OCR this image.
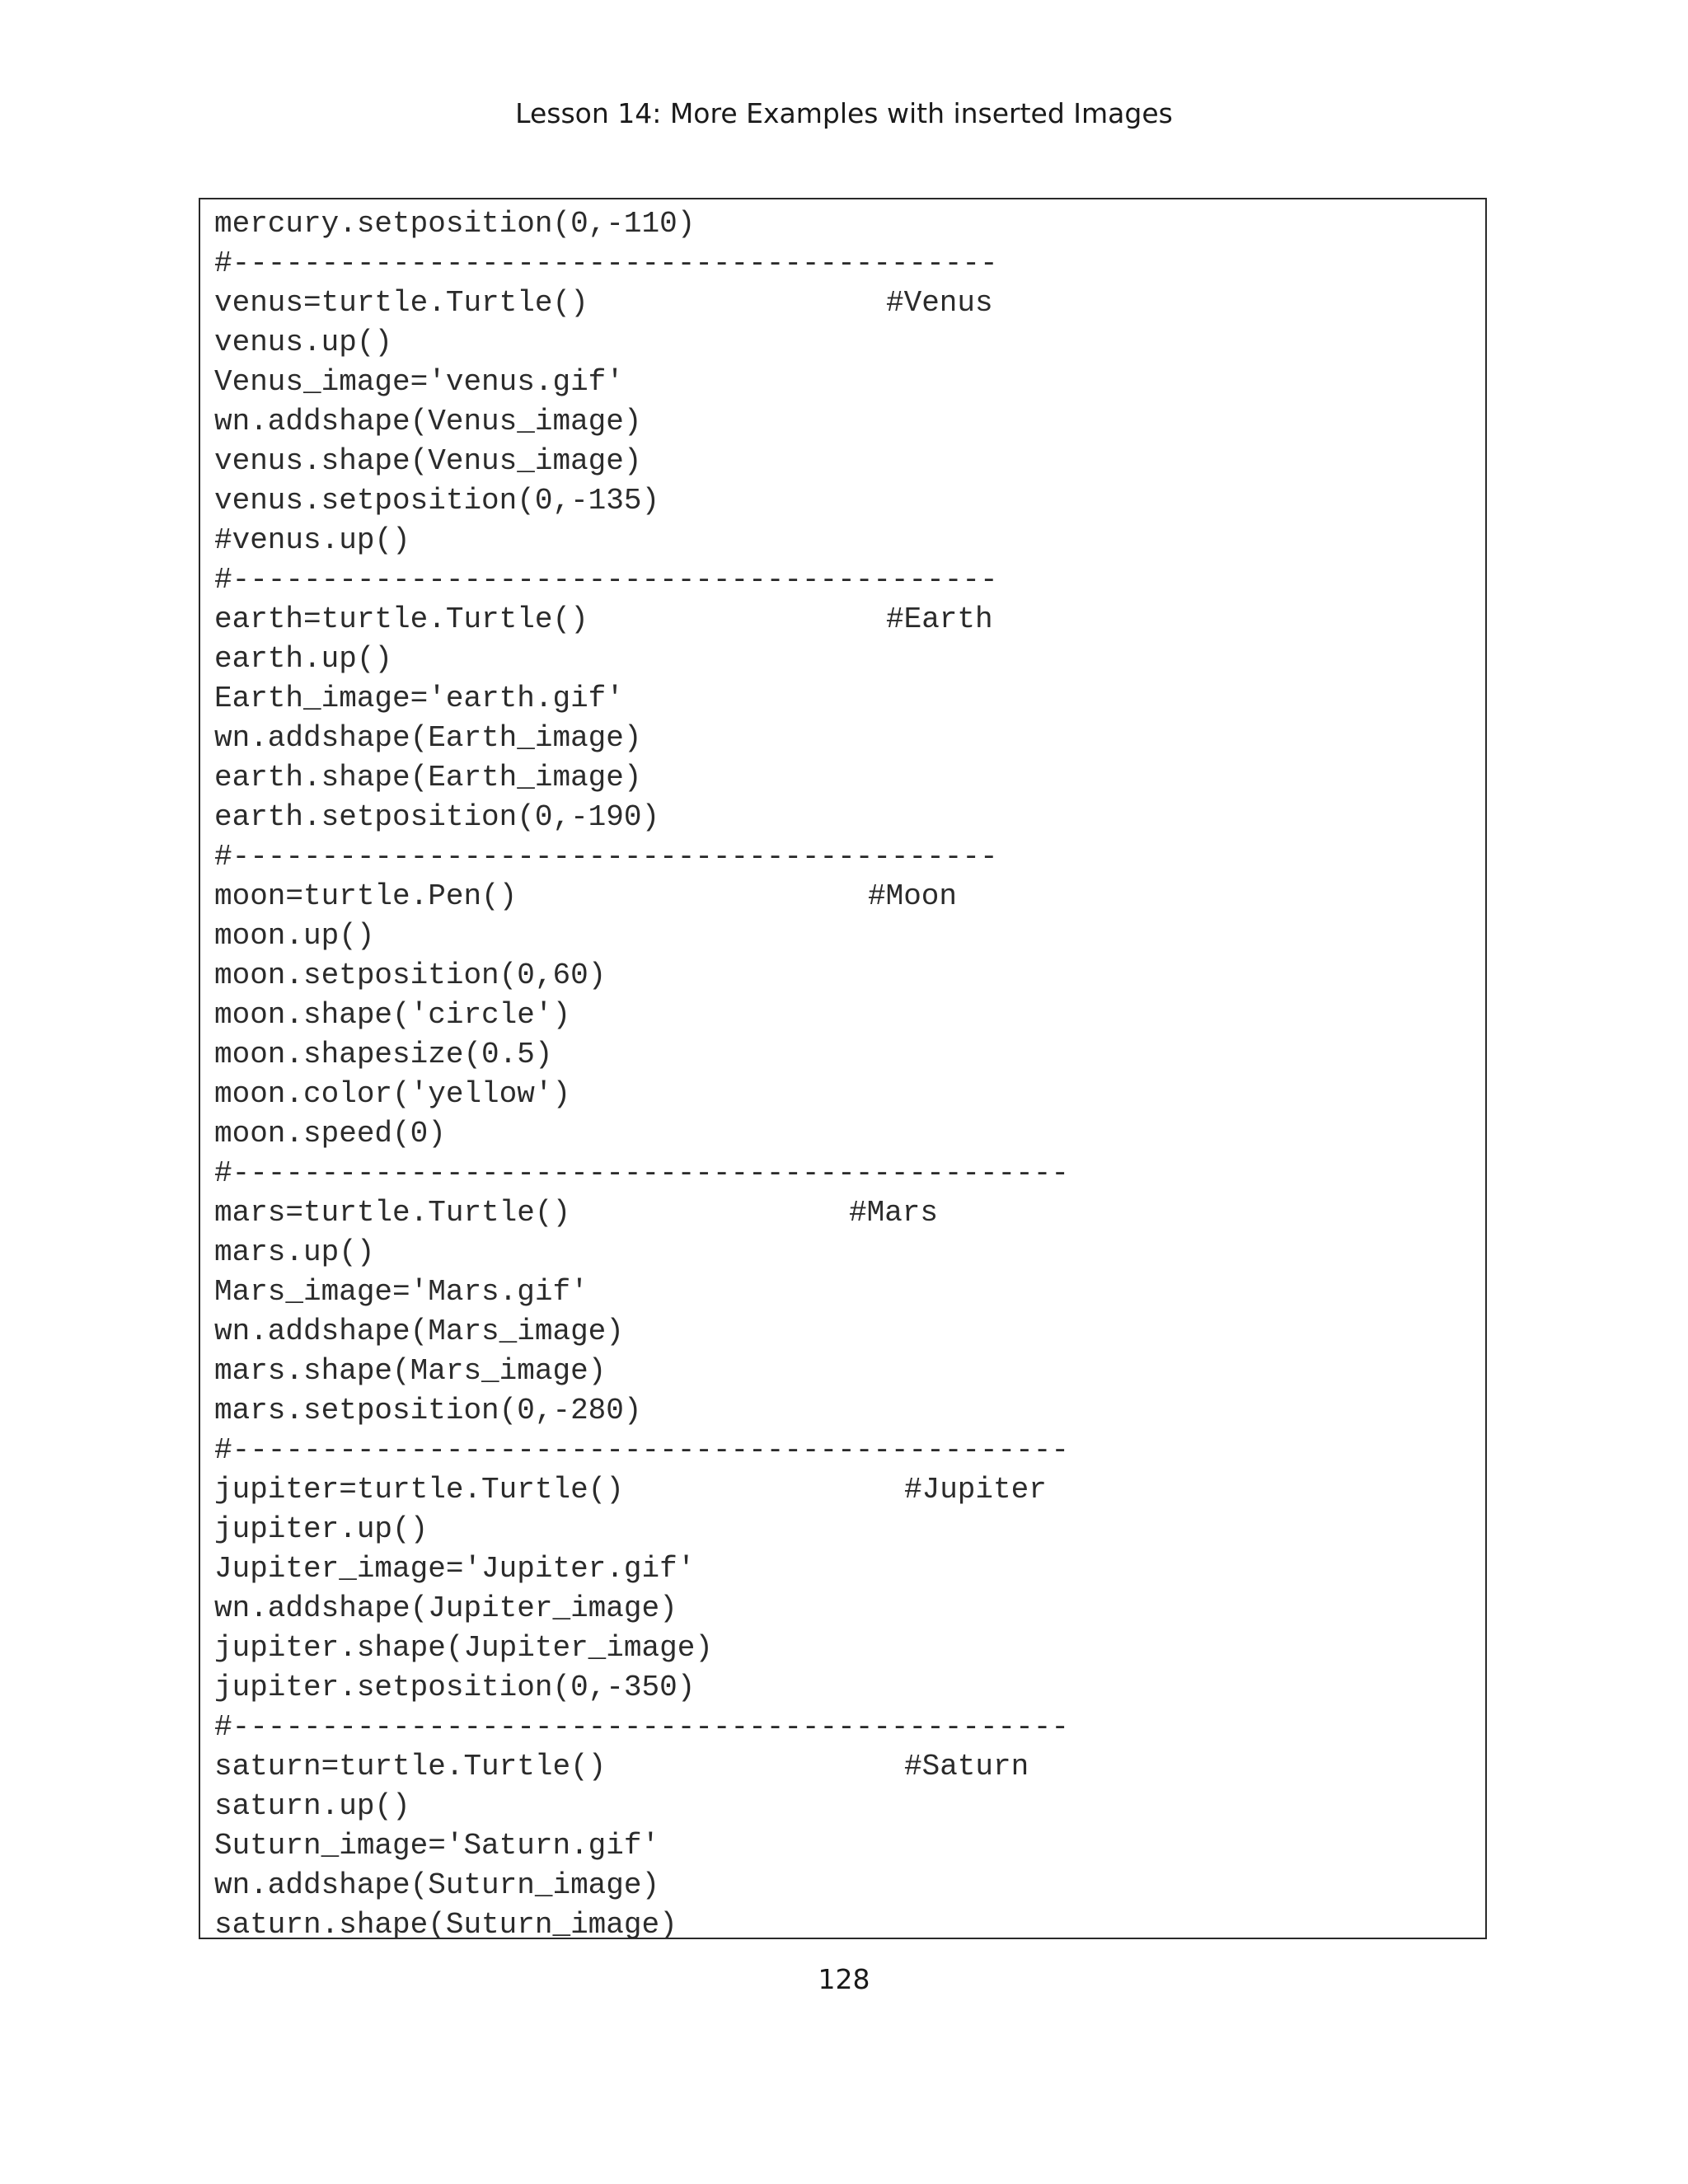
Lesson 14: More Examples with inserted Images
mercury.setposition(0,-110)
#-------------------------------------------
venus=turtle.Turtle()	#Venus
venus.up()
Venus_image='venus.gif'
wn.addshape(Venus_image)
venus.shape(Venus_image)
venus.setposition(0,-135)
#venus.up()
#-------------------------------------------
earth=turtle.Turtle()	#Earth
earth.up()
Earth_image='earth.gif'
wn.addshape(Earth_image)
earth.shape(Earth_image)
earth.setposition(0,-190)
#-------------------------------------------
moon=turtle.Pen()	#Moon
moon.up()
moon.setposition(0,60)
moon.shape('circle')
moon.shapesize(0.5)
moon.color('yellow')
moon.speed(0)
#-----------------------------------------------
mars=turtle.Turtle()	#Mars
mars.up()
Mars_image='Mars.gif'
wn.addshape(Mars_image)
mars.shape(Mars_image)
mars.setposition(0,-280)
#-----------------------------------------------
jupiter=turtle.Turtle()	#Jupiter
jupiter.up()
Jupiter_image='Jupiter.gif'
wn.addshape(Jupiter_image)
jupiter.shape(Jupiter_image)
jupiter.setposition(0,-350)
#-----------------------------------------------
saturn=turtle.Turtle()	#Saturn
saturn.up()
Suturn_image='Saturn.gif'
wn.addshape(Suturn_image)
saturn.shape(Suturn_image)
128
